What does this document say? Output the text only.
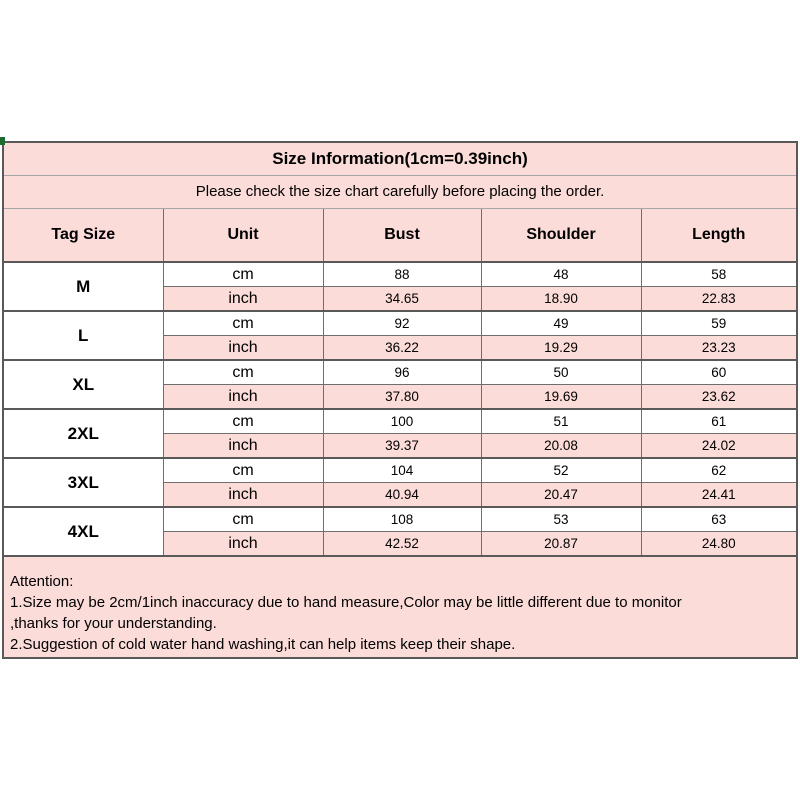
Size Information(1cm=0.39inch)				
Please check the size chart carefully before placing the order.				
Tag Size	Unit	Bust	Shoulder	Length
M	cm	88	48	58
	inch	34.65	18.90	22.83
L	cm	92	49	59
	inch	36.22	19.29	23.23
XL	cm	96	50	60
	inch	37.80	19.69	23.62
2XL	cm	100	51	61
	inch	39.37	20.08	24.02
3XL	cm	104	52	62
	inch	40.94	20.47	24.41
4XL	cm	108	53	63
	inch	42.52	20.87	24.80

Attention:
1.Size may be 2cm/1inch inaccuracy due to hand measure,Color may be little different due to monitor
,thanks for your understanding.
2.Suggestion of cold water hand washing,it can help items keep their shape.				
